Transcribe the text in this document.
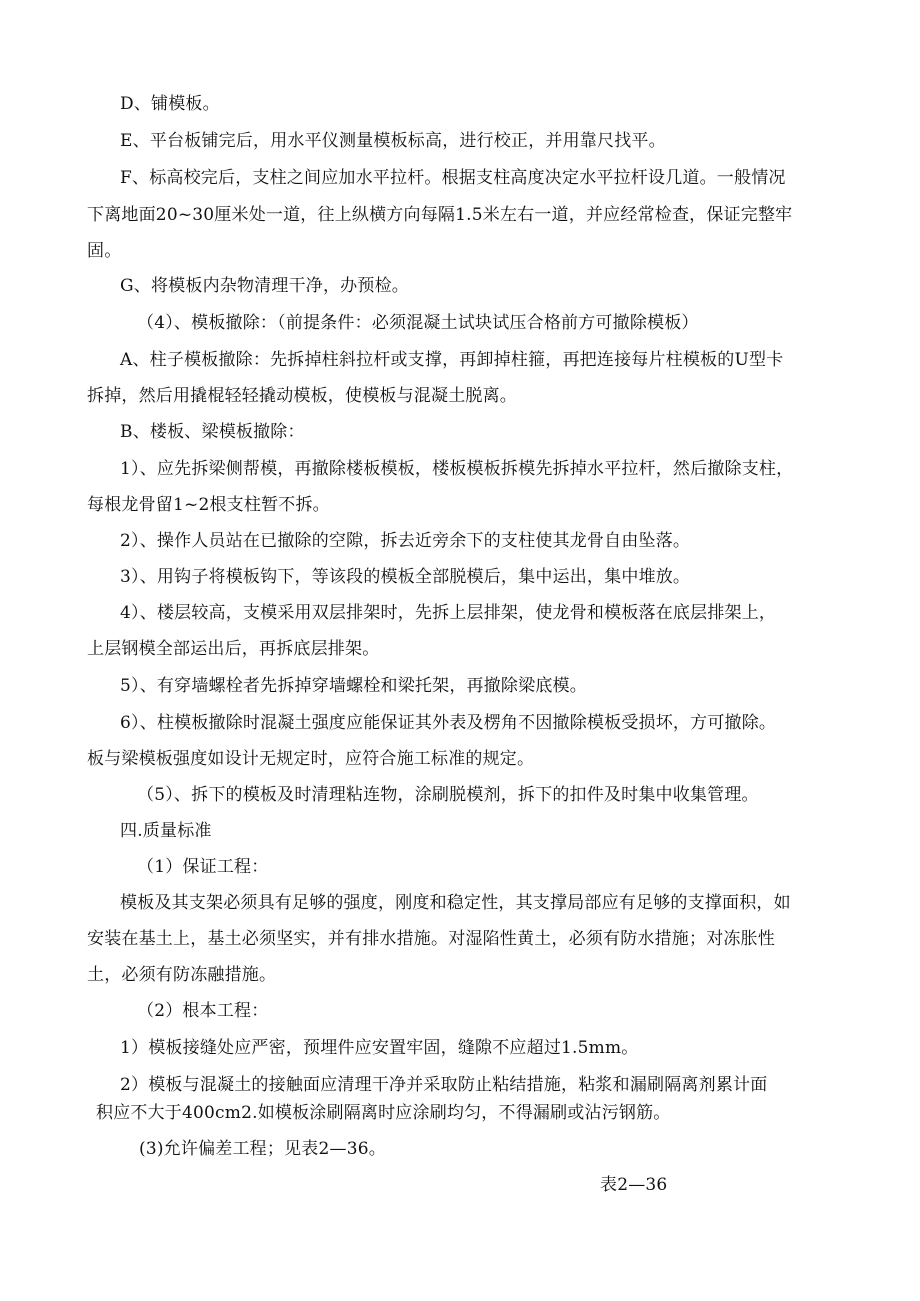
D、铺模板。
E、平台板铺完后，用水平仪测量模板标高，进行校正，并用靠尺找平。
F、标高校完后，支柱之间应加水平拉杆。根据支柱高度决定水平拉杆设几道。一般情况
下离地面20~30厘米处一道，往上纵横方向每隔1.5米左右一道，并应经常检查，保证完整牢
固。
G、将模板内杂物清理干净，办预检。
（4）、模板撤除：（前提条件：必须混凝土试块试压合格前方可撤除模板）
A、柱子模板撤除：先拆掉柱斜拉杆或支撑，再卸掉柱箍，再把连接每片柱模板的U型卡
拆掉，然后用撬棍轻轻撬动模板，使模板与混凝土脱离。
B、楼板、梁模板撤除：
1）、应先拆梁侧帮模，再撤除楼板模板，楼板模板拆模先拆掉水平拉杆，然后撤除支柱，
每根龙骨留1~2根支柱暂不拆。
2）、操作人员站在已撤除的空隙，拆去近旁余下的支柱使其龙骨自由坠落。
3）、用钩子将模板钩下，等该段的模板全部脱模后，集中运出，集中堆放。
4）、楼层较高，支模采用双层排架时，先拆上层排架，使龙骨和模板落在底层排架上，
上层钢模全部运出后，再拆底层排架。
5）、有穿墙螺栓者先拆掉穿墙螺栓和梁托架，再撤除梁底模。
6）、柱模板撤除时混凝土强度应能保证其外表及楞角不因撤除模板受损坏，方可撤除。
板与梁模板强度如设计无规定时，应符合施工标准的规定。
（5）、拆下的模板及时清理粘连物，涂刷脱模剂，拆下的扣件及时集中收集管理。
四.质量标准
（1）保证工程：
模板及其支架必须具有足够的强度，刚度和稳定性，其支撑局部应有足够的支撑面积，如
安装在基土上，基土必须坚实，并有排水措施。对湿陷性黄土，必须有防水措施；对冻胀性
土，必须有防冻融措施。
（2）根本工程：
1）模板接缝处应严密，预埋件应安置牢固，缝隙不应超过1.5mm。
2）模板与混凝土的接触面应清理干净并采取防止粘结措施，粘浆和漏刷隔离剂累计面
积应不大于400cm2.如模板涂刷隔离时应涂刷均匀，不得漏刷或沾污钢筋。
(3)允许偏差工程；见表2—36。
表2—36
